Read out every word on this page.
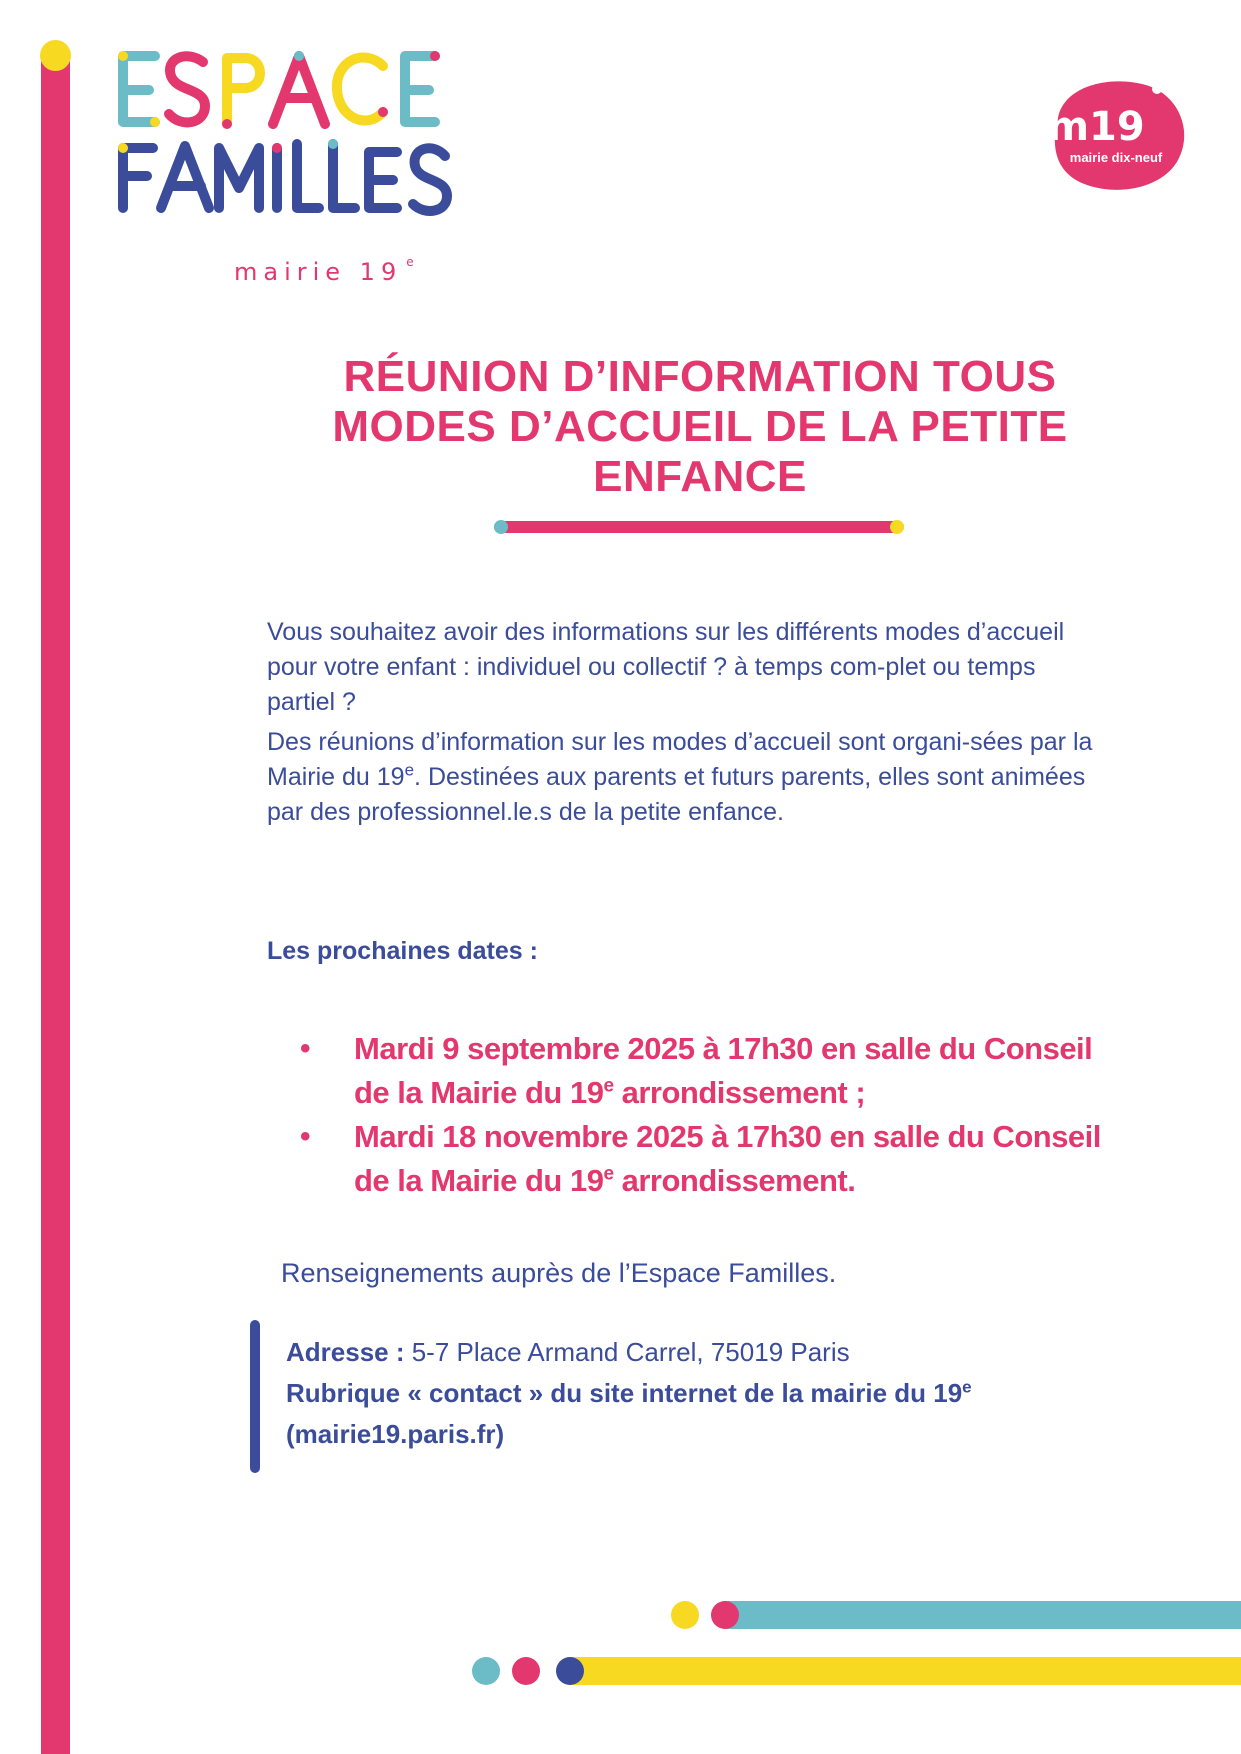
mairie 19 $^e$
m19
mairie dix-neuf
RÉUNION D’INFORMATION TOUS MODES D’ACCUEIL DE LA PETITE ENFANCE

Vous souhaitez avoir des informations sur les différents modes d’accueil pour votre enfant : individuel ou collectif ? à temps com-plet ou temps partiel ?

Des réunions d’information sur les modes d’accueil sont organi-sées par la Mairie du 19e. Destinées aux parents et futurs parents, elles sont animées par des professionnel.le.s de la petite enfance.

Les prochaines dates :
• Mardi 9 septembre 2025 à 17h30 en salle du Conseil de la Mairie du 19e arrondissement ;
• Mardi 18 novembre 2025 à 17h30 en salle du Conseil de la Mairie du 19e arrondissement.
Renseignements auprès de l’Espace Familles.

Adresse : 5-7 Place Armand Carrel, 75019 Paris

Rubrique « contact » du site internet de la mairie du 19e

(mairie19.paris.fr)
